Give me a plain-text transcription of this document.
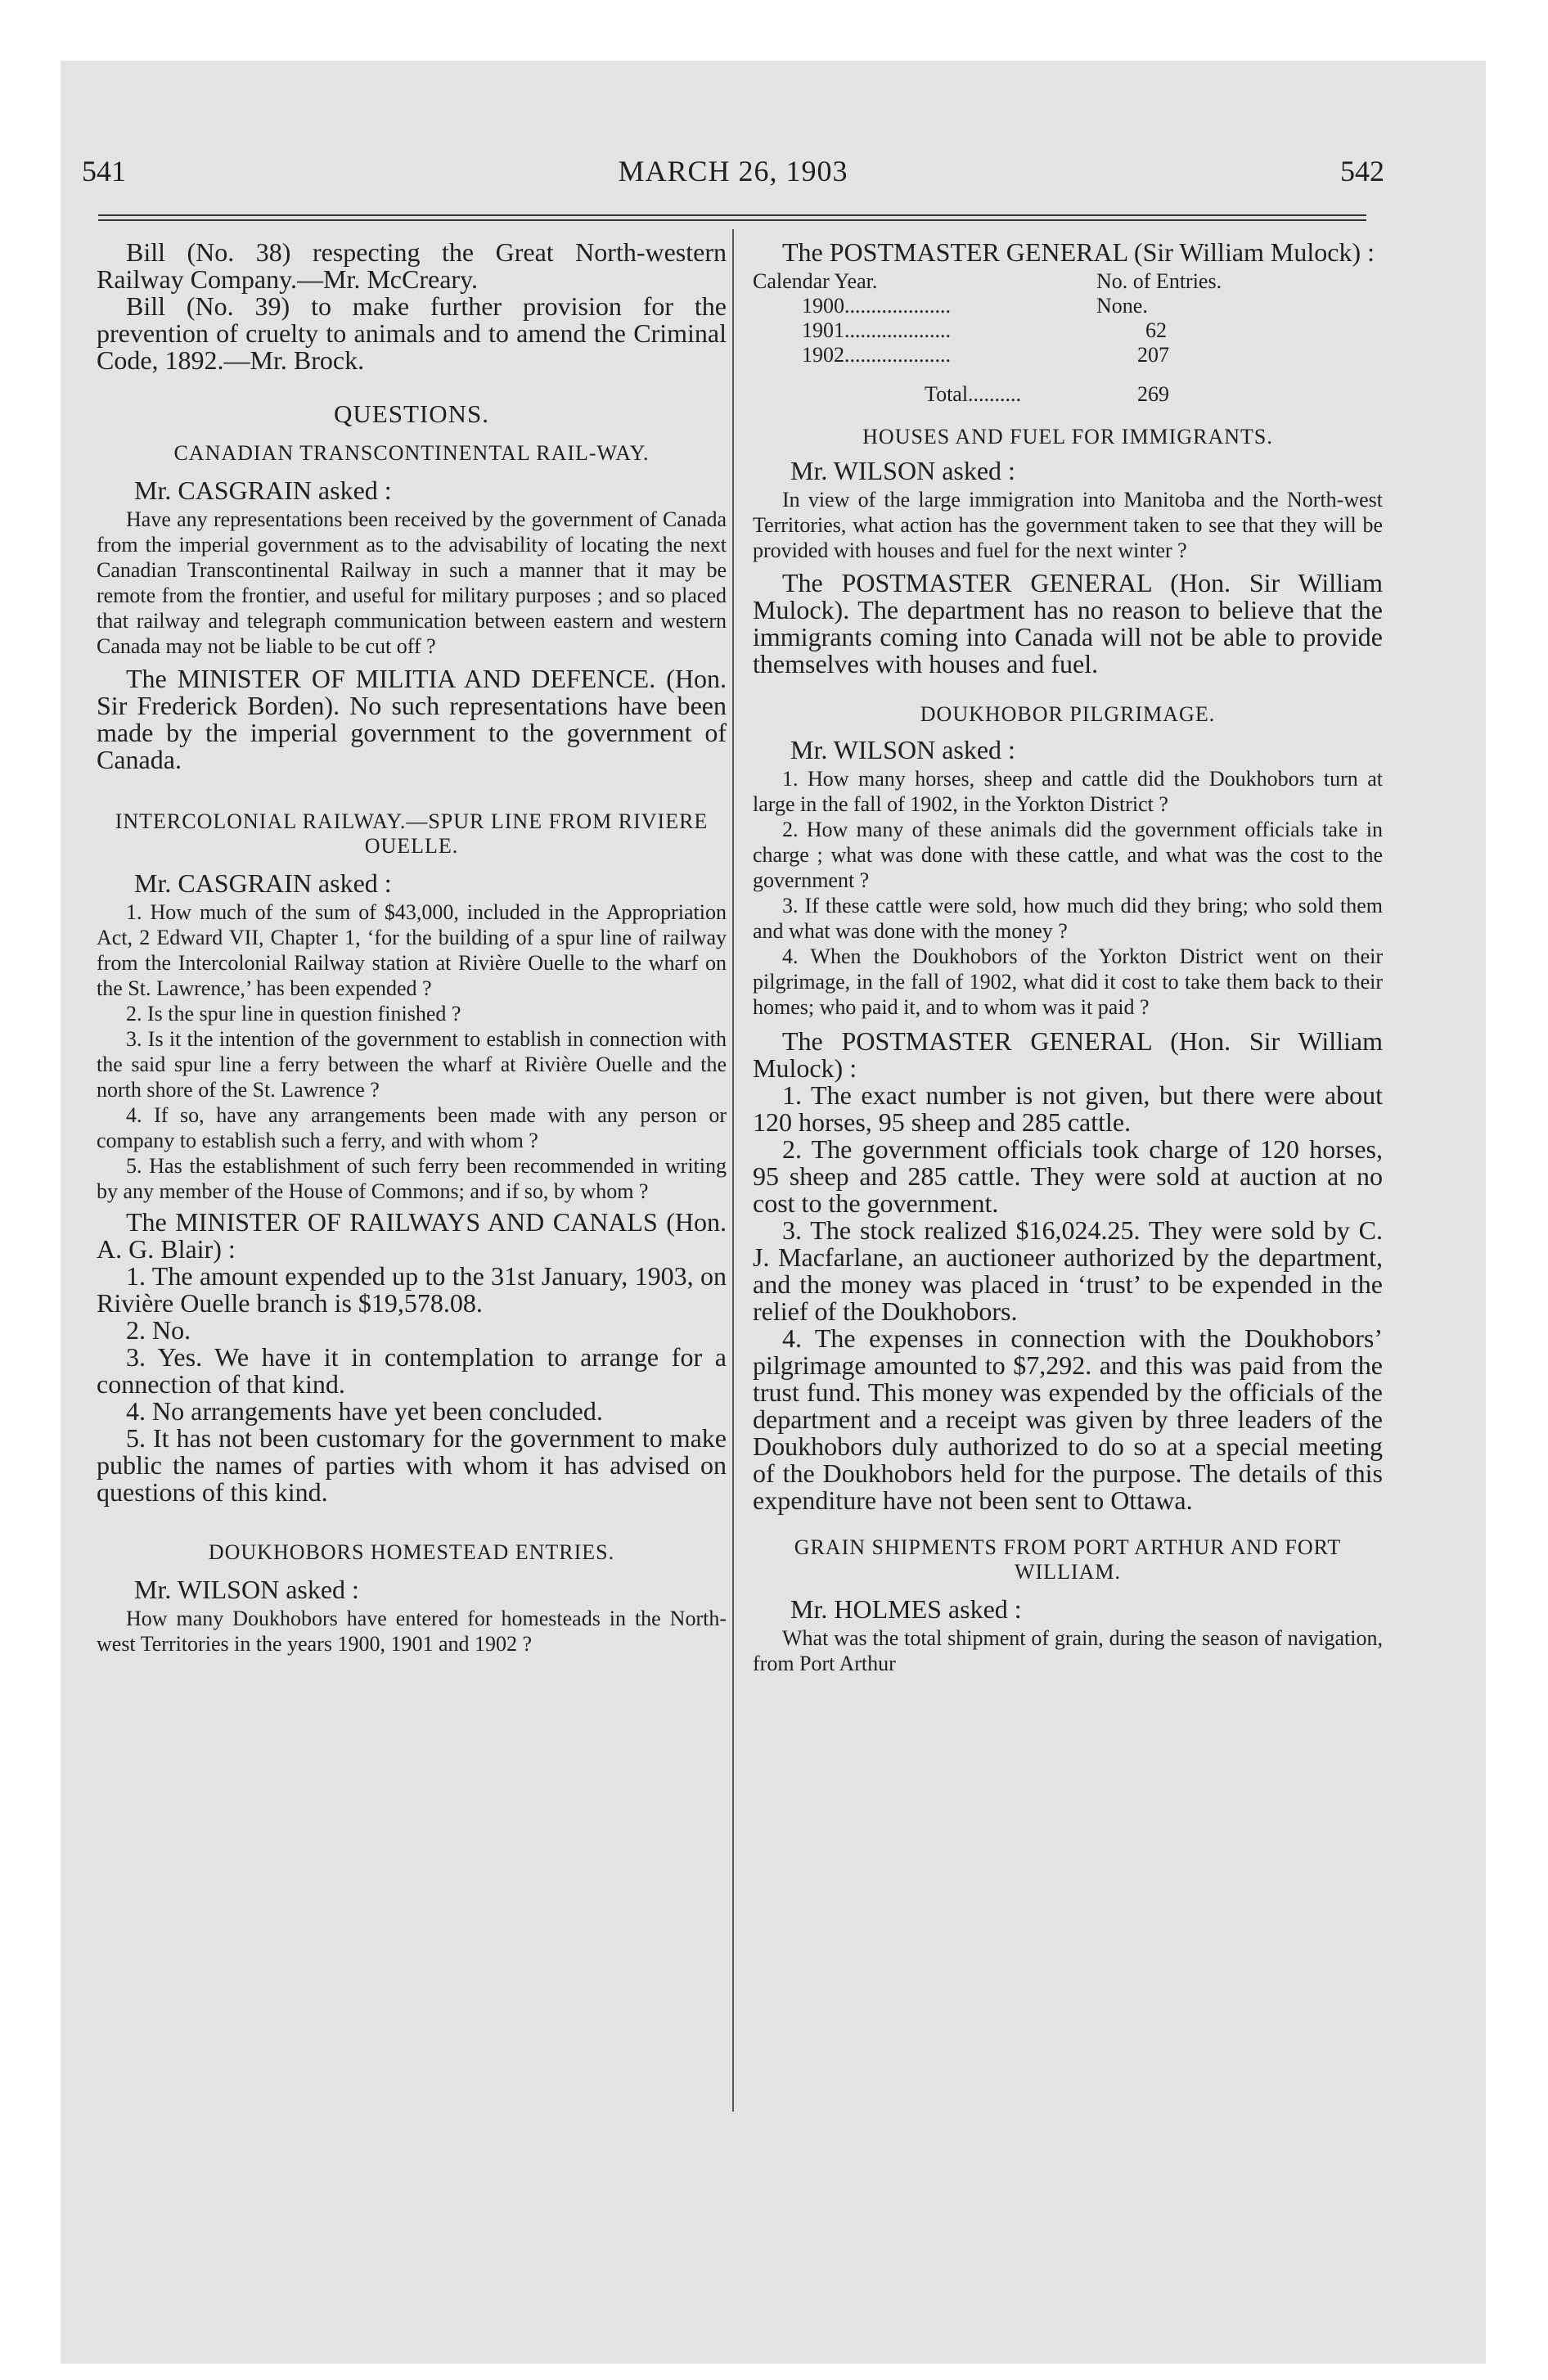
541	MARCH 26, 1903	542

Bill (No. 38) respecting the Great North-western Railway Company.—Mr. McCreary.

Bill (No. 39) to make further provision for the prevention of cruelty to animals and to amend the Criminal Code, 1892.—Mr. Brock.

QUESTIONS.

CANADIAN TRANSCONTINENTAL RAIL-WAY.

Mr. CASGRAIN asked :

Have any representations been received by the government of Canada from the imperial government as to the advisability of locating the next Canadian Transcontinental Railway in such a manner that it may be remote from the frontier, and useful for military purposes ; and so placed that railway and telegraph communication between eastern and western Canada may not be liable to be cut off ?

The MINISTER OF MILITIA AND DEFENCE. (Hon. Sir Frederick Borden). No such representations have been made by the imperial government to the government of Canada.

INTERCOLONIAL RAILWAY.—SPUR LINE FROM RIVIERE OUELLE.

Mr. CASGRAIN asked :

1. How much of the sum of $43,000, included in the Appropriation Act, 2 Edward VII, Chapter 1, ‘for the building of a spur line of railway from the Intercolonial Railway station at Rivière Ouelle to the wharf on the St. Lawrence,’ has been expended ?

2. Is the spur line in question finished ?

3. Is it the intention of the government to establish in connection with the said spur line a ferry between the wharf at Rivière Ouelle and the north shore of the St. Lawrence ?

4. If so, have any arrangements been made with any person or company to establish such a ferry, and with whom ?

5. Has the establishment of such ferry been recommended in writing by any member of the House of Commons; and if so, by whom ?

The MINISTER OF RAILWAYS AND CANALS (Hon. A. G. Blair) :

1. The amount expended up to the 31st January, 1903, on Rivière Ouelle branch is $19,578.08.

2. No.

3. Yes. We have it in contemplation to arrange for a connection of that kind.

4. No arrangements have yet been concluded.

5. It has not been customary for the government to make public the names of parties with whom it has advised on questions of this kind.

DOUKHOBORS HOMESTEAD ENTRIES.

Mr. WILSON asked :

How many Doukhobors have entered for homesteads in the North-west Territories in the years 1900, 1901 and 1902 ?

The POSTMASTER GENERAL (Sir William Mulock) :

Calendar Year.	No. of Entries.
1900....................	None.
1901....................	62
1902....................	207
Total..........	269

HOUSES AND FUEL FOR IMMIGRANTS.

Mr. WILSON asked :

In view of the large immigration into Manitoba and the North-west Territories, what action has the government taken to see that they will be provided with houses and fuel for the next winter ?

The POSTMASTER GENERAL (Hon. Sir William Mulock). The department has no reason to believe that the immigrants coming into Canada will not be able to provide themselves with houses and fuel.

DOUKHOBOR PILGRIMAGE.

Mr. WILSON asked :

1. How many horses, sheep and cattle did the Doukhobors turn at large in the fall of 1902, in the Yorkton District ?

2. How many of these animals did the government officials take in charge ; what was done with these cattle, and what was the cost to the government ?

3. If these cattle were sold, how much did they bring; who sold them and what was done with the money ?

4. When the Doukhobors of the Yorkton District went on their pilgrimage, in the fall of 1902, what did it cost to take them back to their homes; who paid it, and to whom was it paid ?

The POSTMASTER GENERAL (Hon. Sir William Mulock) :

1. The exact number is not given, but there were about 120 horses, 95 sheep and 285 cattle.

2. The government officials took charge of 120 horses, 95 sheep and 285 cattle. They were sold at auction at no cost to the government.

3. The stock realized $16,024.25. They were sold by C. J. Macfarlane, an auctioneer authorized by the department, and the money was placed in ‘trust’ to be expended in the relief of the Doukhobors.

4. The expenses in connection with the Doukhobors’ pilgrimage amounted to $7,292. and this was paid from the trust fund. This money was expended by the officials of the department and a receipt was given by three leaders of the Doukhobors duly authorized to do so at a special meeting of the Doukhobors held for the purpose. The details of this expenditure have not been sent to Ottawa.

GRAIN SHIPMENTS FROM PORT ARTHUR AND FORT WILLIAM.

Mr. HOLMES asked :

What was the total shipment of grain, during the season of navigation, from Port Arthur
